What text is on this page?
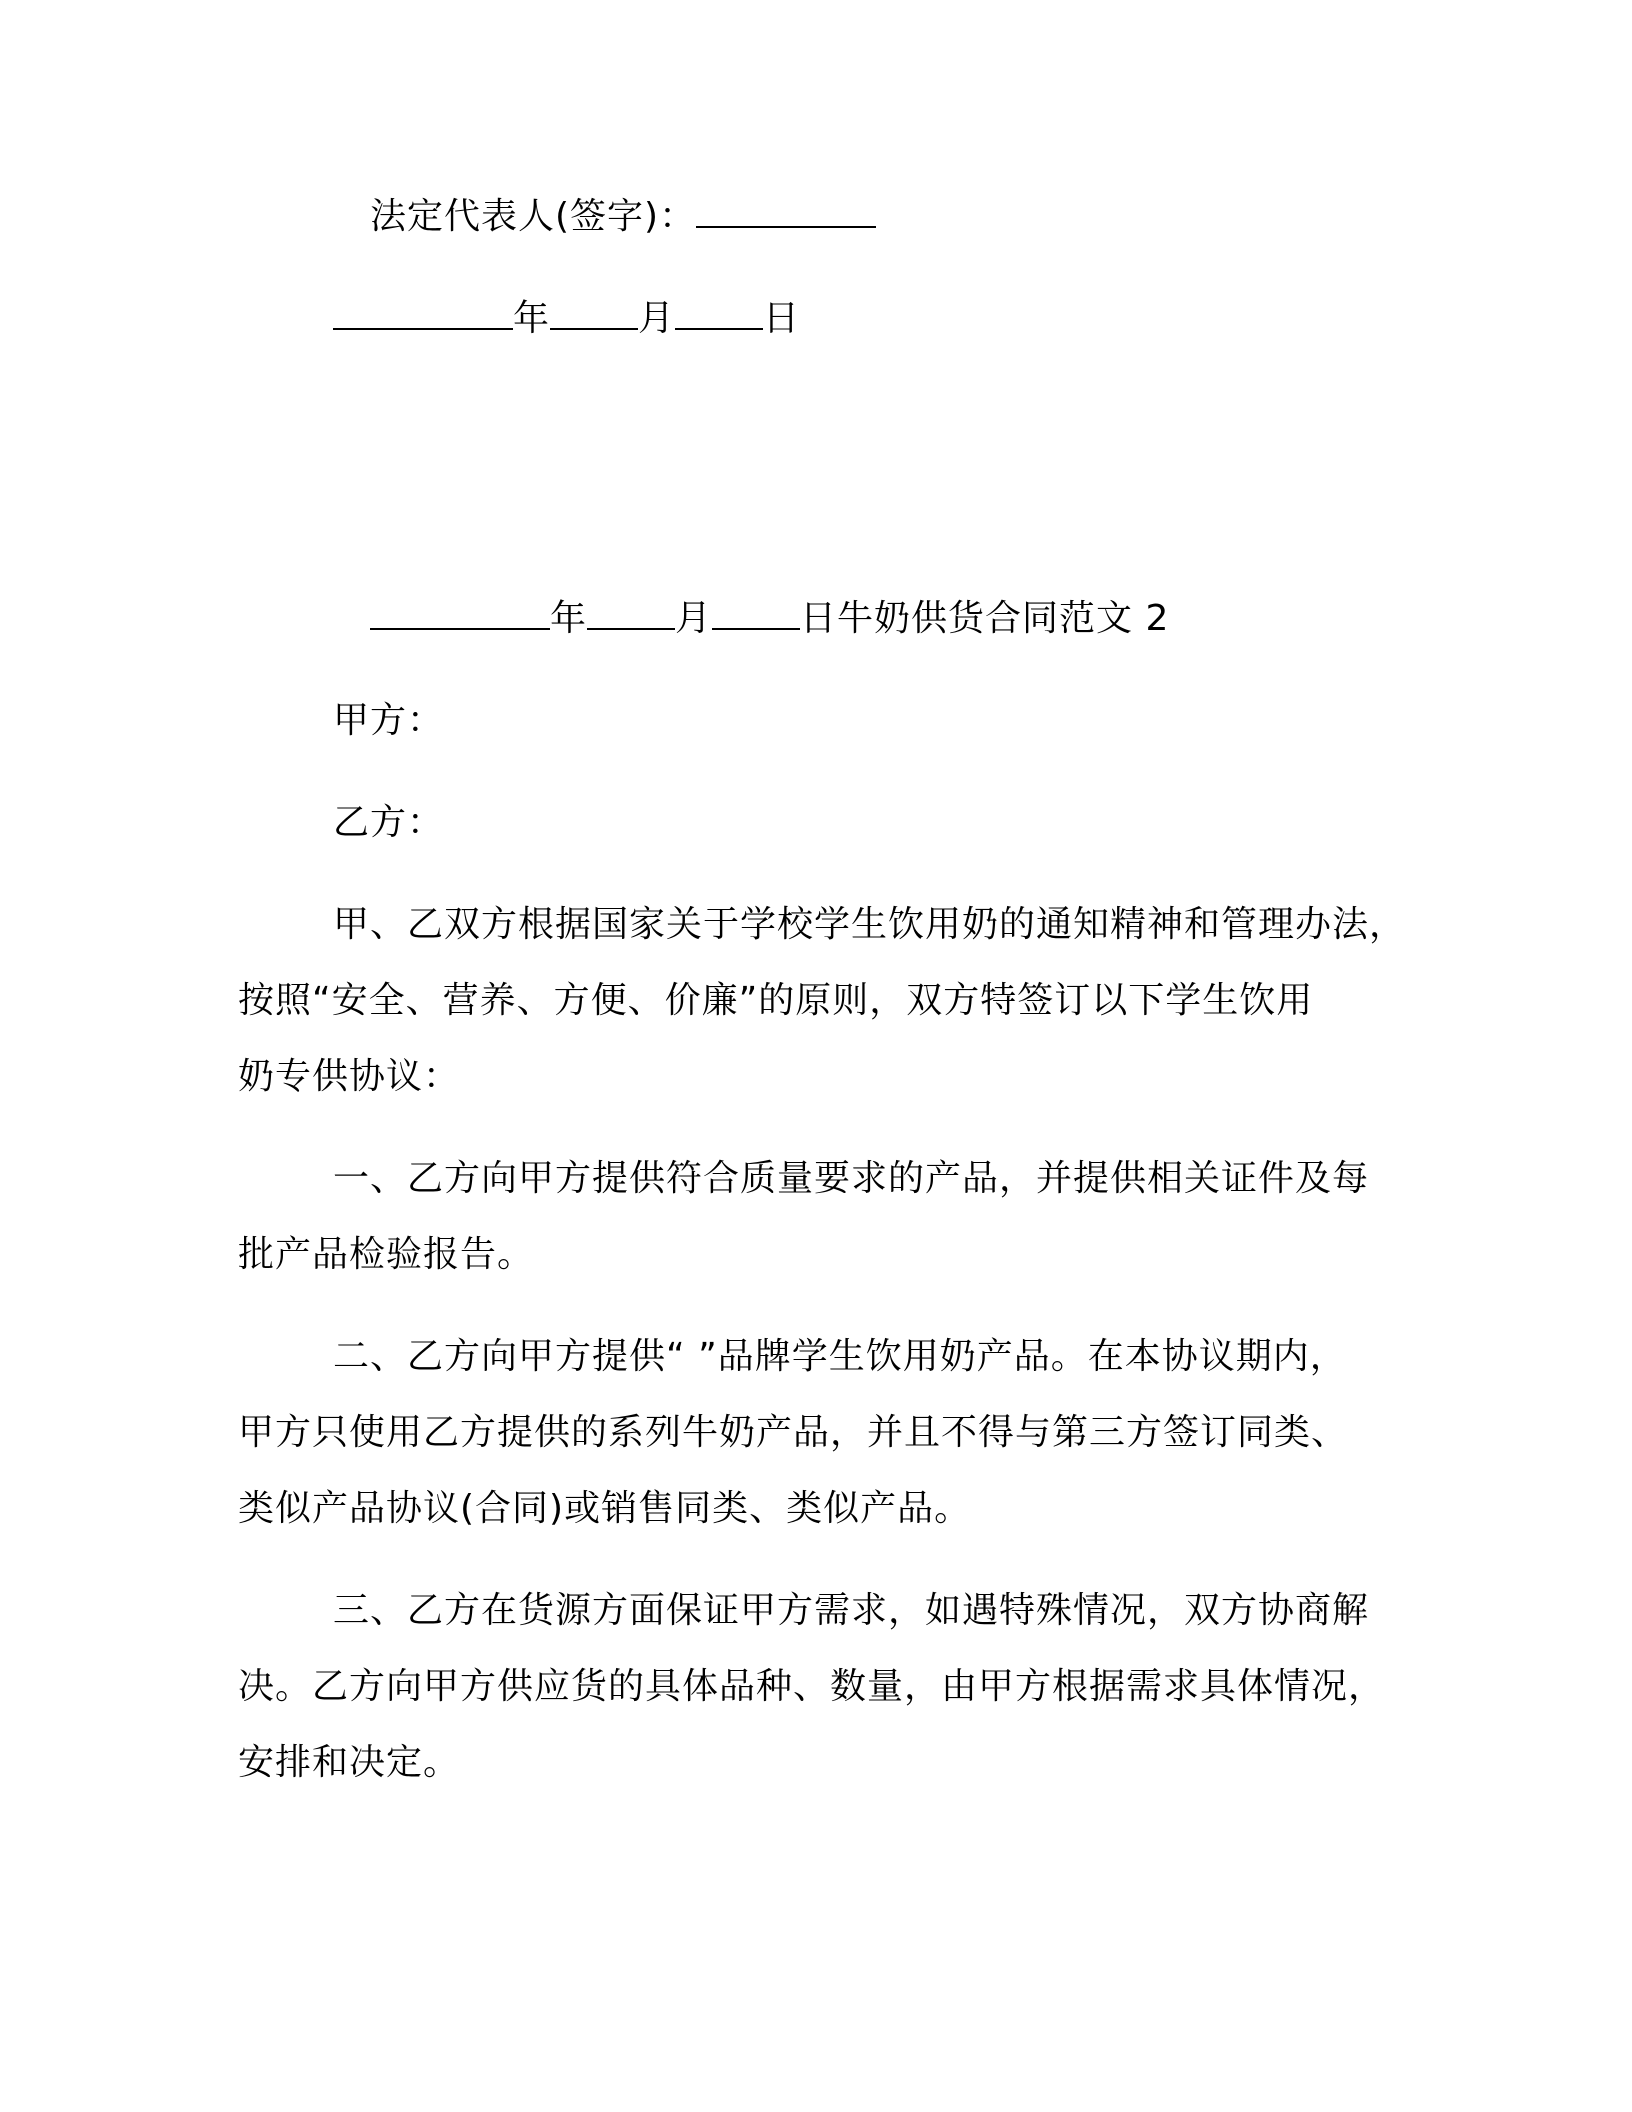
法定代表人(签字)：
年 月 日
年 月 日牛奶供货合同范文 2
甲方：
乙方：
甲、乙双方根据国家关于学校学生饮用奶的通知精神和管理办法，
按照“安全、营养、方便、价廉”的原则，双方特签订以下学生饮用
奶专供协议：
一、乙方向甲方提供符合质量要求的产品，并提供相关证件及每
批产品检验报告。
二、乙方向甲方提供“ ”品牌学生饮用奶产品。在本协议期内，
甲方只使用乙方提供的系列牛奶产品，并且不得与第三方签订同类、
类似产品协议(合同)或销售同类、类似产品。
三、乙方在货源方面保证甲方需求，如遇特殊情况，双方协商解
决。乙方向甲方供应货的具体品种、数量，由甲方根据需求具体情况，
安排和决定。
